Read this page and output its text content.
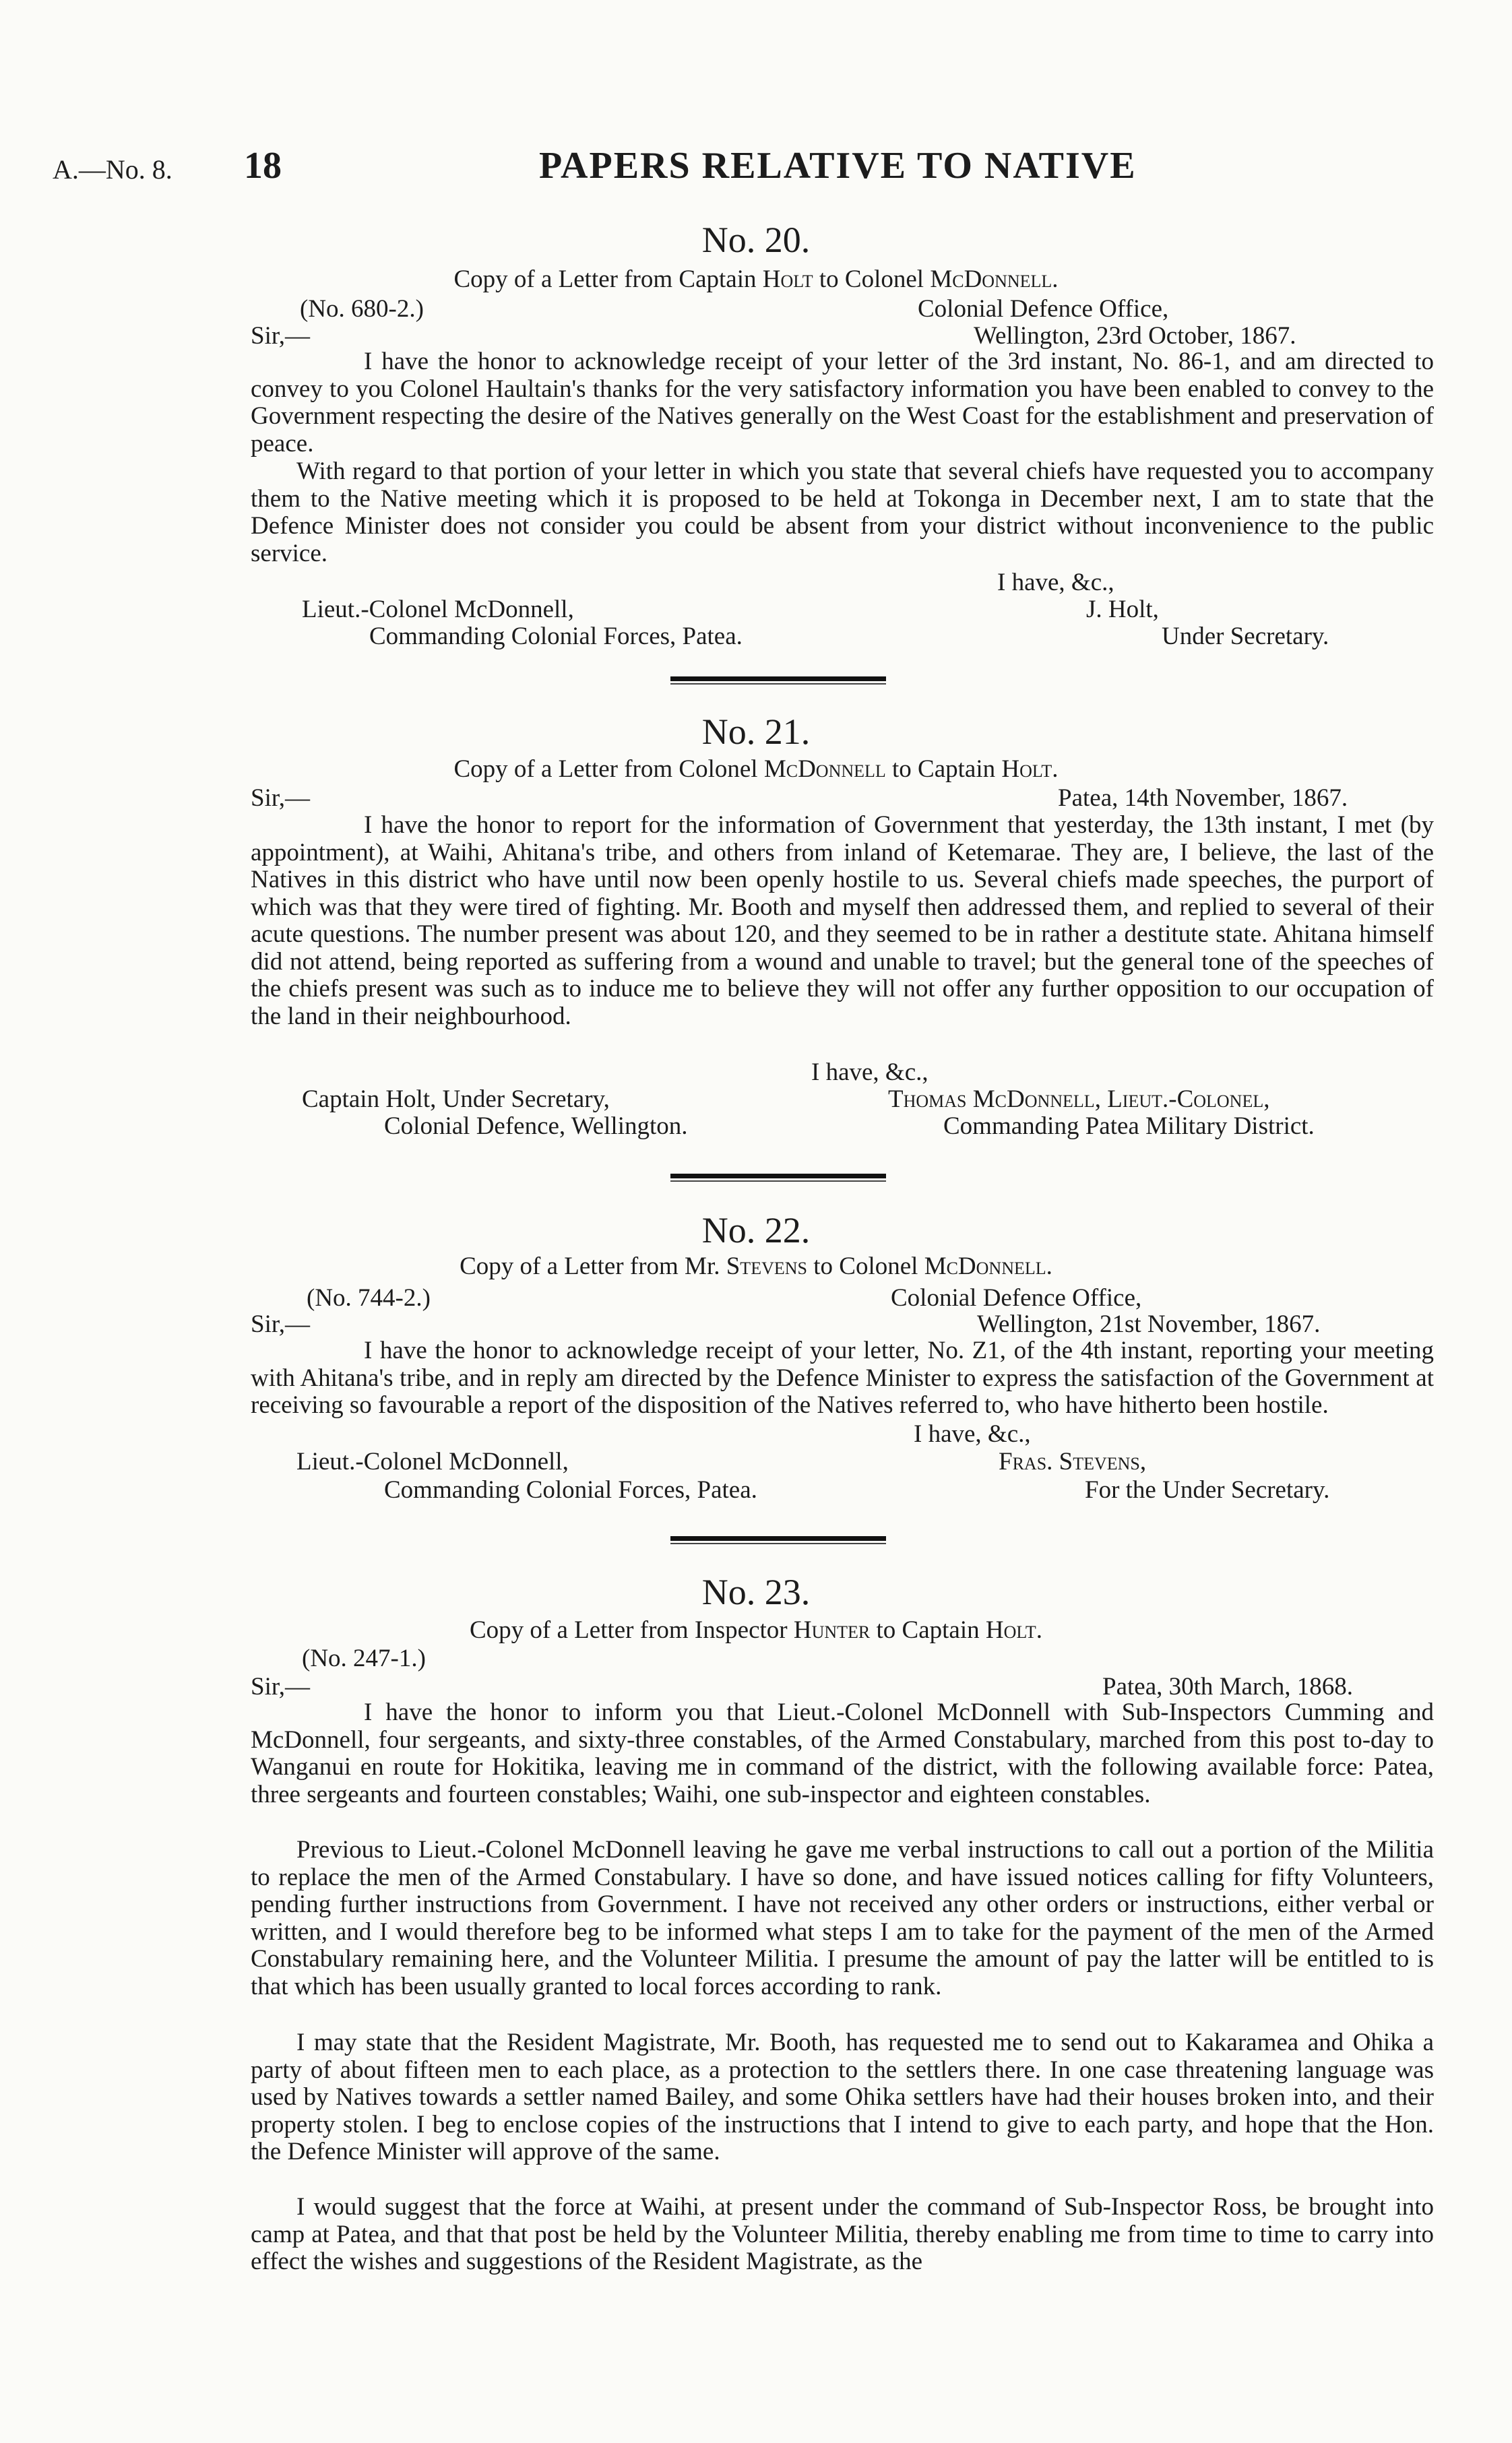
A.—No. 8. 18	PAPERS RELATIVE TO NATIVE
No. 20.
Copy of a Letter from Captain Holt to Colonel McDonnell.
(No. 680-2.)	Colonial Defence Office,
Sir,—	Wellington, 23rd October, 1867.
I have the honor to acknowledge receipt of your letter of the 3rd instant, No. 86-1, and am directed to convey to you Colonel Haultain's thanks for the very satisfactory information you have been enabled to convey to the Government respecting the desire of the Natives generally on the West Coast for the establishment and preservation of peace.
With regard to that portion of your letter in which you state that several chiefs have requested you to accompany them to the Native meeting which it is proposed to be held at Tokonga in December next, I am to state that the Defence Minister does not consider you could be absent from your district without inconvenience to the public service.
I have, &c.,
Lieut.-Colonel McDonnell,	J. Holt,
Commanding Colonial Forces, Patea.	Under Secretary.
No. 21.
Copy of a Letter from Colonel McDonnell to Captain Holt.
Sir,—	Patea, 14th November, 1867.
I have the honor to report for the information of Government that yesterday, the 13th instant, I met (by appointment), at Waihi, Ahitana's tribe, and others from inland of Ketemarae. They are, I believe, the last of the Natives in this district who have until now been openly hostile to us. Several chiefs made speeches, the purport of which was that they were tired of fighting. Mr. Booth and myself then addressed them, and replied to several of their acute questions. The number present was about 120, and they seemed to be in rather a destitute state. Ahitana himself did not attend, being reported as suffering from a wound and unable to travel; but the general tone of the speeches of the chiefs present was such as to induce me to believe they will not offer any further opposition to our occupation of the land in their neighbourhood.
I have, &c.,
Captain Holt, Under Secretary,	Thomas McDonnell, Lieut.-Colonel,
Colonial Defence, Wellington.	Commanding Patea Military District.
No. 22.
Copy of a Letter from Mr. Stevens to Colonel McDonnell.
(No. 744-2.)	Colonial Defence Office,
Sir,—	Wellington, 21st November, 1867.
I have the honor to acknowledge receipt of your letter, No. Z1, of the 4th instant, reporting your meeting with Ahitana's tribe, and in reply am directed by the Defence Minister to express the satisfaction of the Government at receiving so favourable a report of the disposition of the Natives referred to, who have hitherto been hostile.
I have, &c.,
Lieut.-Colonel McDonnell,	Fras. Stevens,
Commanding Colonial Forces, Patea.	For the Under Secretary.
No. 23.
Copy of a Letter from Inspector Hunter to Captain Holt.
(No. 247-1.)
Sir,—	Patea, 30th March, 1868.
I have the honor to inform you that Lieut.-Colonel McDonnell with Sub-Inspectors Cumming and McDonnell, four sergeants, and sixty-three constables, of the Armed Constabulary, marched from this post to-day to Wanganui en route for Hokitika, leaving me in command of the district, with the following available force: Patea, three sergeants and fourteen constables; Waihi, one sub-inspector and eighteen constables.
Previous to Lieut.-Colonel McDonnell leaving he gave me verbal instructions to call out a portion of the Militia to replace the men of the Armed Constabulary. I have so done, and have issued notices calling for fifty Volunteers, pending further instructions from Government. I have not received any other orders or instructions, either verbal or written, and I would therefore beg to be informed what steps I am to take for the payment of the men of the Armed Constabulary remaining here, and the Volunteer Militia. I presume the amount of pay the latter will be entitled to is that which has been usually granted to local forces according to rank.
I may state that the Resident Magistrate, Mr. Booth, has requested me to send out to Kakaramea and Ohika a party of about fifteen men to each place, as a protection to the settlers there. In one case threatening language was used by Natives towards a settler named Bailey, and some Ohika settlers have had their houses broken into, and their property stolen. I beg to enclose copies of the instructions that I intend to give to each party, and hope that the Hon. the Defence Minister will approve of the same.
I would suggest that the force at Waihi, at present under the command of Sub-Inspector Ross, be brought into camp at Patea, and that that post be held by the Volunteer Militia, thereby enabling me from time to time to carry into effect the wishes and suggestions of the Resident Magistrate, as the
